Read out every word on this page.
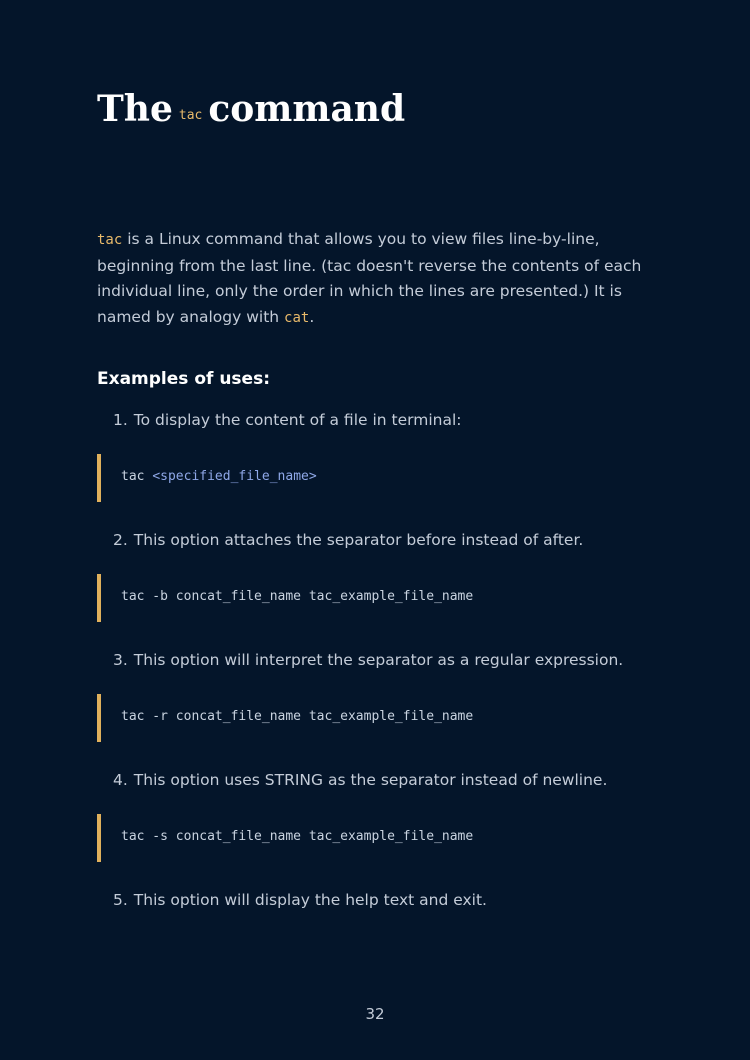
The tac command

tac is a Linux command that allows you to view files line-by-line, beginning from the last line. (tac doesn't reverse the contents of each individual line, only the order in which the lines are presented.) It is named by analogy with cat.

Examples of uses:

1. To display the content of a file in terminal:

tac <specified_file_name>

2. This option attaches the separator before instead of after.

tac -b concat_file_name tac_example_file_name

3. This option will interpret the separator as a regular expression.

tac -r concat_file_name tac_example_file_name

4. This option uses STRING as the separator instead of newline.

tac -s concat_file_name tac_example_file_name

5. This option will display the help text and exit.

32
